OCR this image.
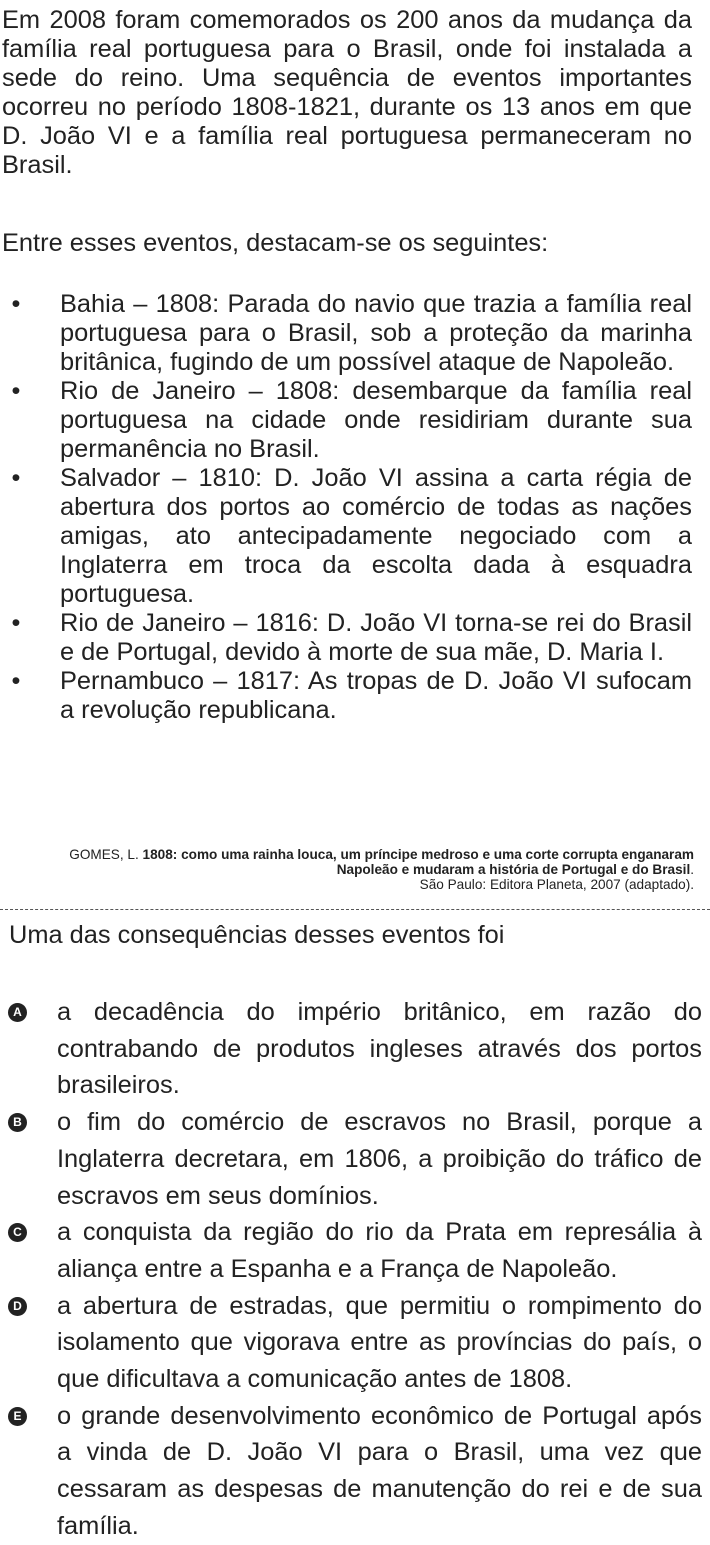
Em 2008 foram comemorados os 200 anos da mudança da família real portuguesa para o Brasil, onde foi instalada a sede do reino. Uma sequência de eventos importantes ocorreu no período 1808-1821, durante os 13 anos em que D. João VI e a família real portuguesa permaneceram no Brasil.

Entre esses eventos, destacam-se os seguintes:

• Bahia – 1808: Parada do navio que trazia a família real portuguesa para o Brasil, sob a proteção da marinha britânica, fugindo de um possível ataque de Napoleão.
• Rio de Janeiro – 1808: desembarque da família real portuguesa na cidade onde residiriam durante sua permanência no Brasil.
• Salvador – 1810: D. João VI assina a carta régia de abertura dos portos ao comércio de todas as nações amigas, ato antecipadamente negociado com a Inglaterra em troca da escolta dada à esquadra portuguesa.
• Rio de Janeiro – 1816: D. João VI torna-se rei do Brasil e de Portugal, devido à morte de sua mãe, D. Maria I.
• Pernambuco – 1817: As tropas de D. João VI sufocam a revolução republicana.

GOMES, L. 1808: como uma rainha louca, um príncipe medroso e uma corte corrupta enganaram Napoleão e mudaram a história de Portugal e do Brasil.
São Paulo: Editora Planeta, 2007 (adaptado).

Uma das consequências desses eventos foi

A a decadência do império britânico, em razão do contrabando de produtos ingleses através dos portos brasileiros.
B o fim do comércio de escravos no Brasil, porque a Inglaterra decretara, em 1806, a proibição do tráfico de escravos em seus domínios.
C a conquista da região do rio da Prata em represália à aliança entre a Espanha e a França de Napoleão.
D a abertura de estradas, que permitiu o rompimento do isolamento que vigorava entre as províncias do país, o que dificultava a comunicação antes de 1808.
E o grande desenvolvimento econômico de Portugal após a vinda de D. João VI para o Brasil, uma vez que cessaram as despesas de manutenção do rei e de sua família.
